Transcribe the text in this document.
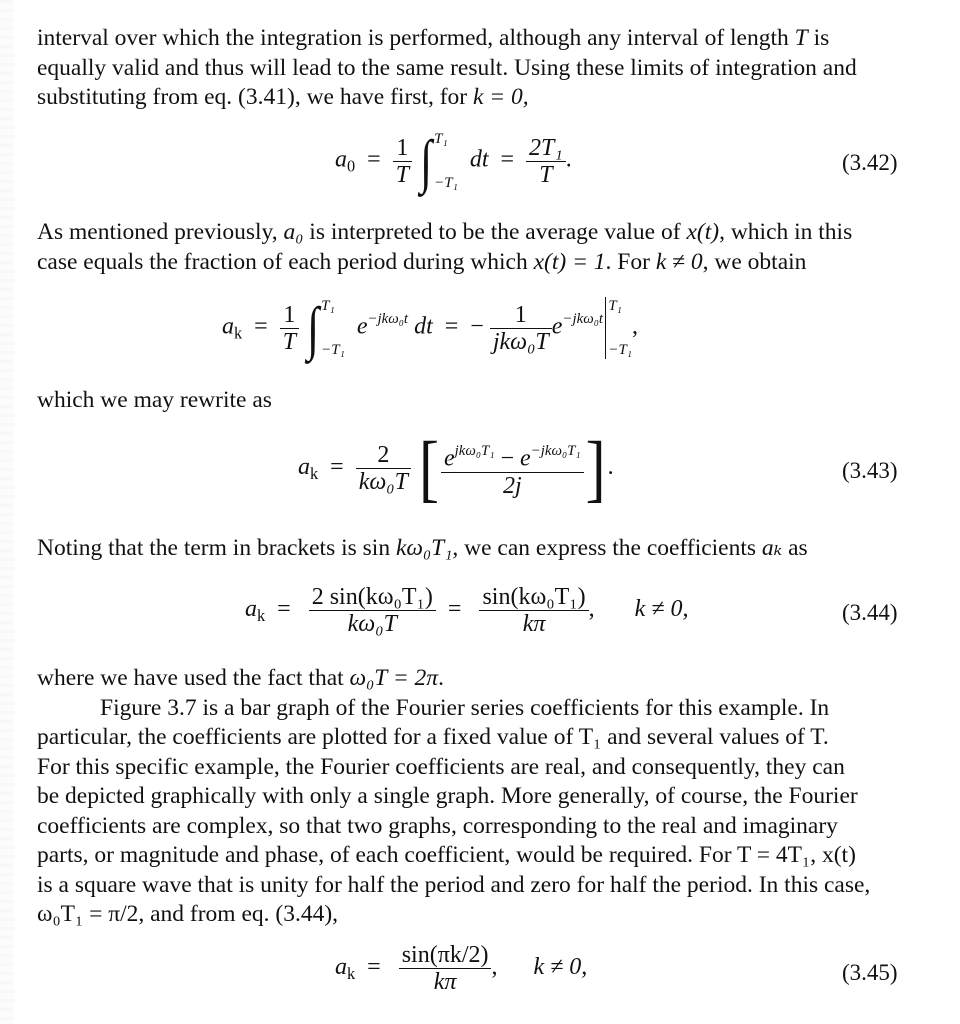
interval over which the integration is performed, although any interval of length T is
equally valid and thus will lead to the same result. Using these limits of integration and
substituting from eq. (3.41), we have first, for k = 0,

$a_0 = \frac{1}{T}$ ∫ T₁
−T₁
dt  = $\frac{\text{2T₁}}{T}$ .	(3.42)

As mentioned previously, a₀ is interpreted to be the average value of x(t), which in this
case equals the fraction of each period during which x(t) = 1. For k ≠ 0, we obtain

$a_k = \frac{1}{T}$ ∫ T₁
−T₁
$e^{-jk\omega_0t}$ dt  =  − $\frac{1}{\text{jkω₀T}} e^{-jk\omega_0t}$
T₁
−T₁
,

which we may rewrite as

$a_k = \frac{2}{\text{kω₀T}}$ [ $\frac{e^{jk\omega_0T_1} - e^{-jk\omega_0T_1}}{2j}$ ].	(3.43)

Noting that the term in brackets is sin kω₀T₁, we can express the coefficients aₖ as

$a_k = \frac{\text{2 sin(kω₀T₁)}}{\text{kω₀T}} = \frac{\text{sin(kω₀T₁)}}{k\pi}$ , k ≠ 0,	(3.44)

where we have used the fact that ω₀T = 2π.
Figure 3.7 is a bar graph of the Fourier series coefficients for this example. In
particular, the coefficients are plotted for a fixed value of T₁ and several values of T.
For this specific example, the Fourier coefficients are real, and consequently, they can
be depicted graphically with only a single graph. More generally, of course, the Fourier
coefficients are complex, so that two graphs, corresponding to the real and imaginary
parts, or magnitude and phase, of each coefficient, would be required. For T = 4T₁, x(t)
is a square wave that is unity for half the period and zero for half the period. In this case,
ω₀T₁ = π/2, and from eq. (3.44),

$a_k = \frac{\sin(\pi k/2)}{k\pi}$ , k ≠ 0,	(3.45)
